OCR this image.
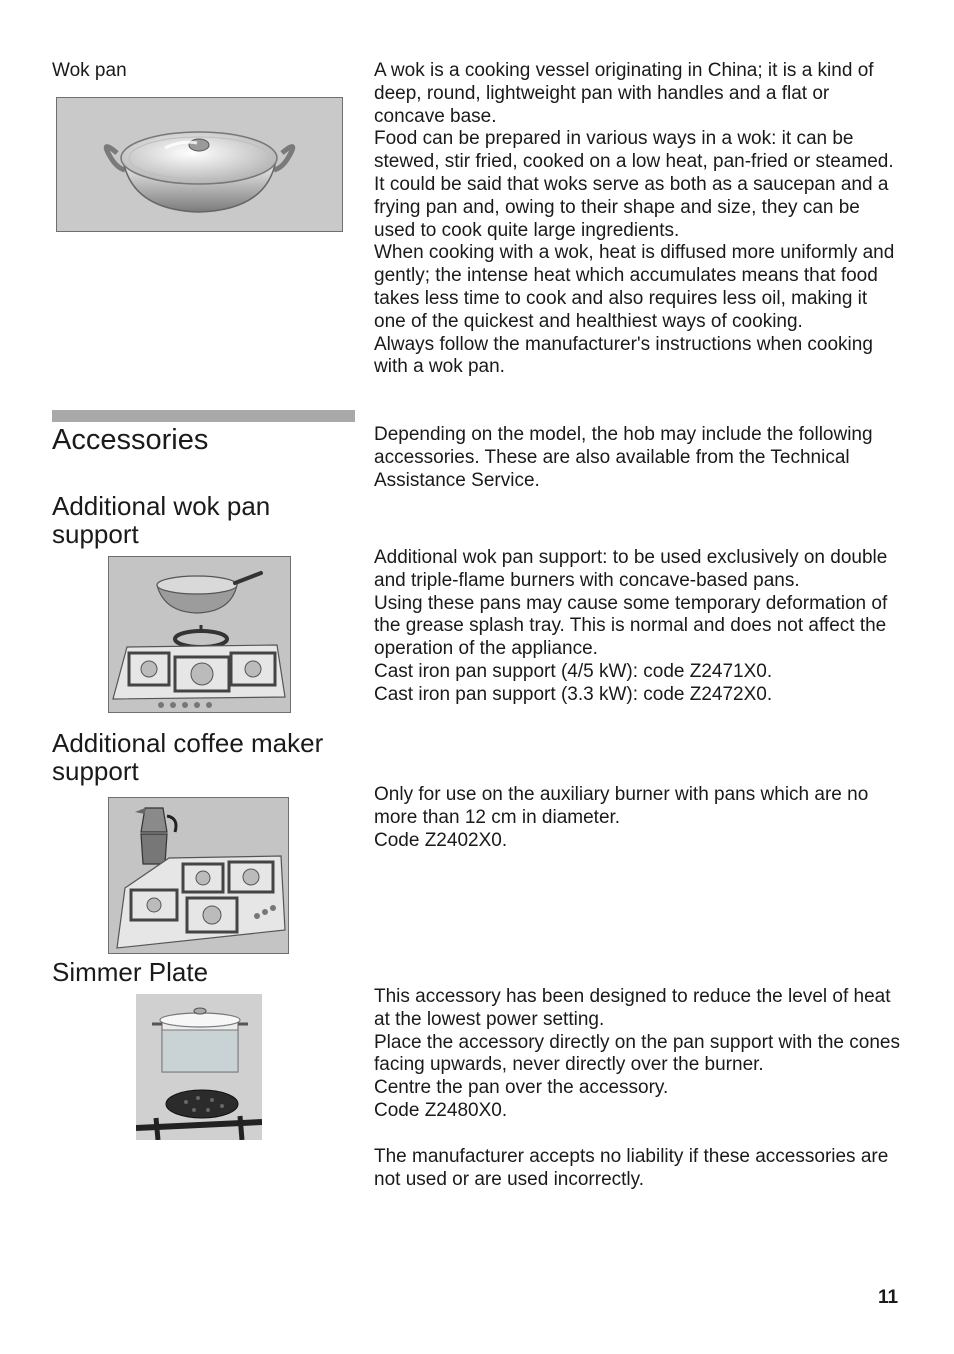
Wok pan	A wok is a cooking vessel originating in China; it is a kind of deep, round, lightweight pan with handles and a flat or concave base.

Food can be prepared in various ways in a wok: it can be stewed, stir fried, cooked on a low heat, pan-fried or steamed. It could be said that woks serve as both as a saucepan and a frying pan and, owing to their shape and size, they can be used to cook quite large ingredients.

When cooking with a wok, heat is diffused more uniformly and gently; the intense heat which accumulates means that food takes less time to cook and also requires less oil, making it one of the quickest and healthiest ways of cooking.

Always follow the manufacturer's instructions when cooking with a wok pan.

Accessories	Depending on the model, the hob may include the following accessories. These are also available from the Technical Assistance Service.

Additional wok pan support

Additional wok pan support: to be used exclusively on double and triple-flame burners with concave-based pans.

Using these pans may cause some temporary deformation of the grease splash tray. This is normal and does not affect the operation of the appliance.

Cast iron pan support (4/5 kW): code Z2471X0.

Cast iron pan support (3.3 kW): code Z2472X0.

Additional coffee maker support

Only for use on the auxiliary burner with pans which are no more than 12 cm in diameter.

Code Z2402X0.

Simmer Plate

This accessory has been designed to reduce the level of heat at the lowest power setting.

Place the accessory directly on the pan support with the cones facing upwards, never directly over the burner.

Centre the pan over the accessory.

Code Z2480X0.

The manufacturer accepts no liability if these accessories are not used or are used incorrectly.

11
